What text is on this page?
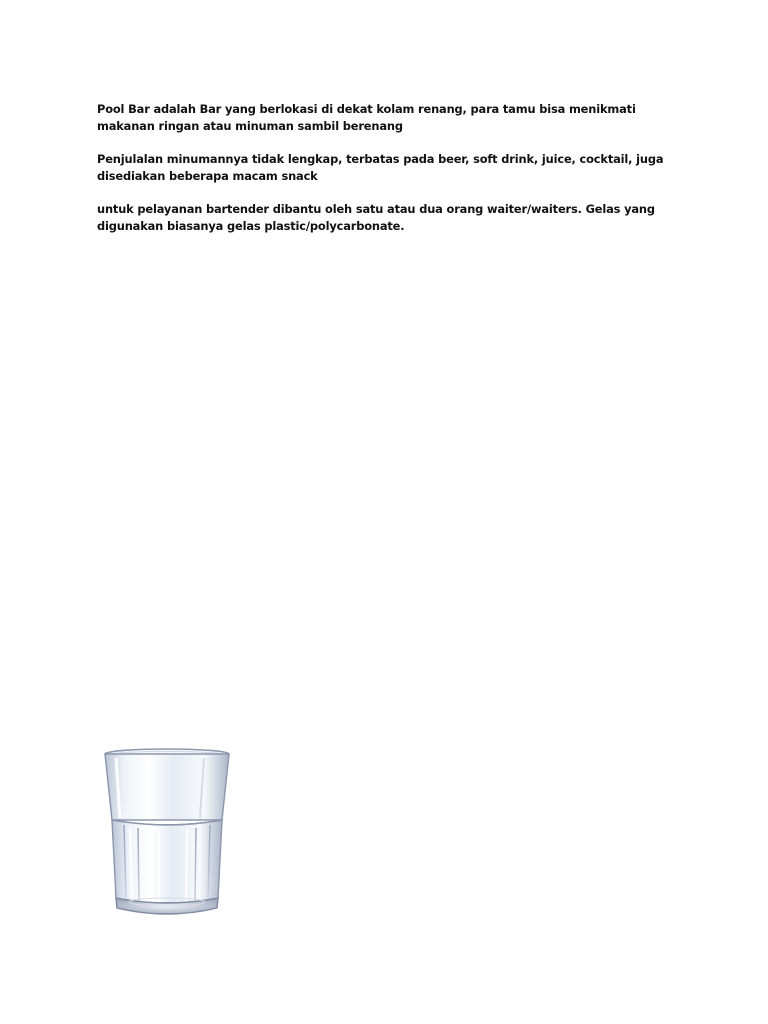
Pool Bar adalah Bar yang berlokasi di dekat kolam renang, para tamu bisa menikmati makanan ringan atau minuman sambil berenang

Penjulalan minumannya tidak lengkap, terbatas pada beer, soft drink, juice, cocktail, juga disediakan beberapa macam snack

untuk pelayanan bartender dibantu oleh satu atau dua orang waiter/waiters. Gelas yang digunakan biasanya gelas plastic/polycarbonate.
